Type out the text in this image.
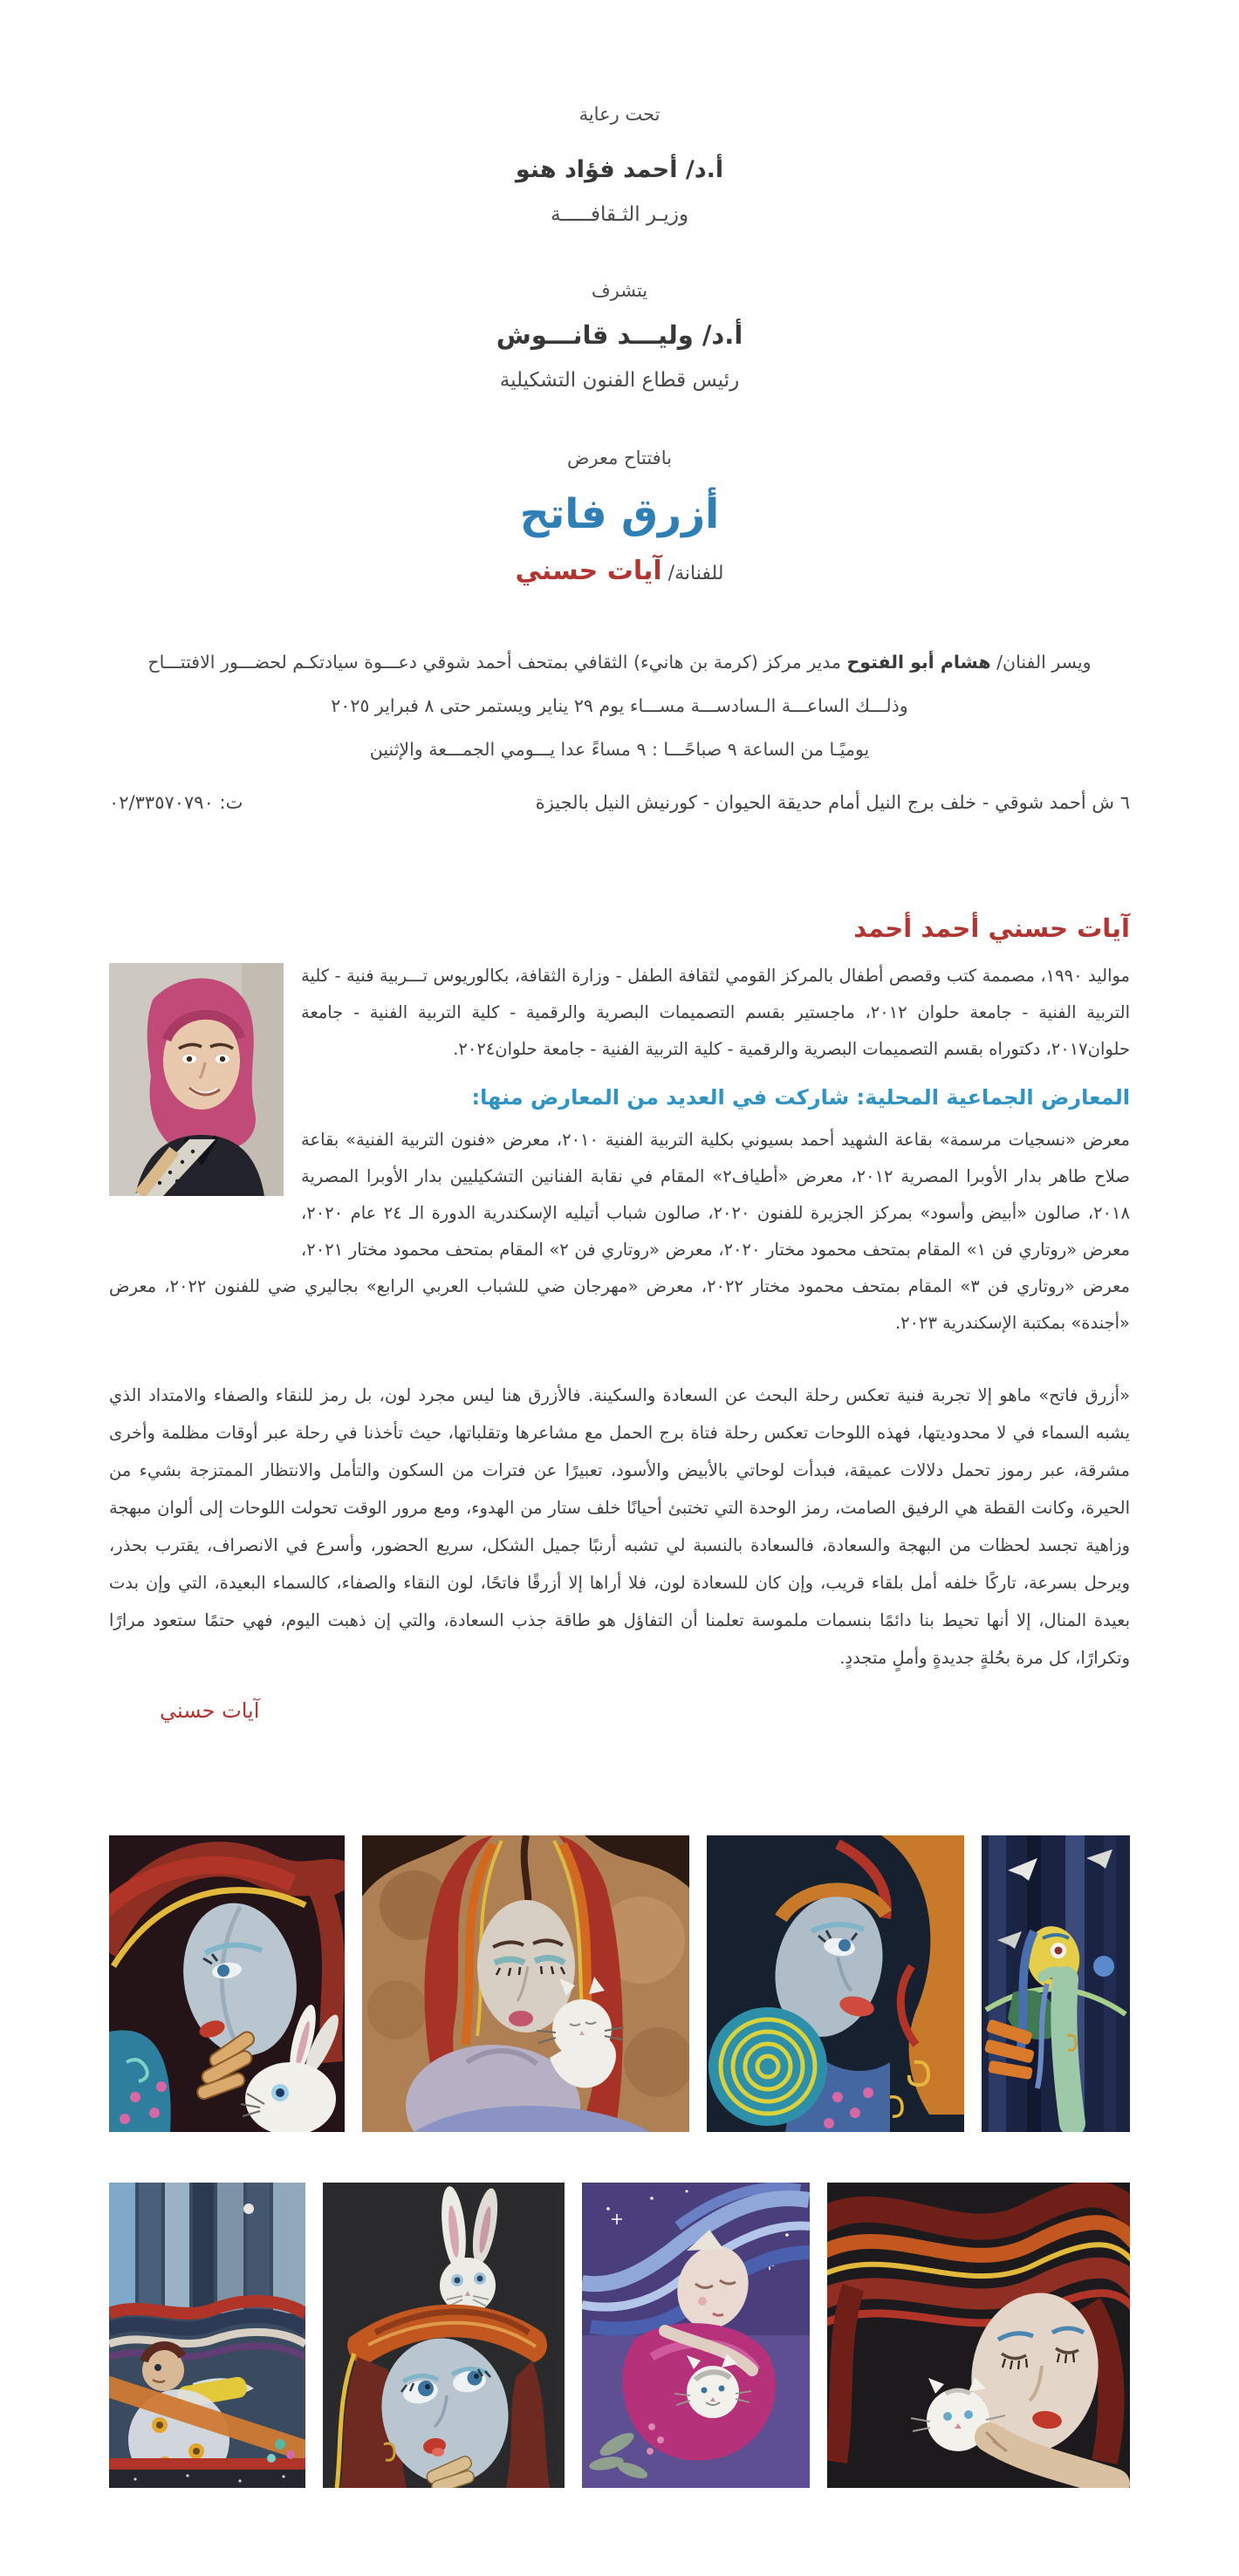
تحت رعاية
أ.د/ أحمد فؤاد هنو
وزيـر الثـقافـــــة
يتشرف
أ.د/ وليـــد قانـــوش
رئيس قطاع الفنون التشكيلية
بافتتاح معرض
أزرق فاتح
للفنانة/ آيات حسني
ويسر الفنان/ هشام أبو الفتوح مدير مركز (كرمة بن هانيء) الثقافي بمتحف أحمد شوقي دعـــوة سيادتكـم لحضـــور الافتتـــاح
وذلـــك الساعـــة الـسادســـة مســـاء يوم ٢٩ يناير ويستمر حتى ٨ فبراير ٢٠٢٥
يوميًـا من الساعة ٩ صباحًـــا : ٩ مساءً عدا يـــومي الجمـــعة والإثنين
٦ ش أحمد شوقي - خلف برج النيل أمام حديقة الحيوان - كورنيش النيل بالجيزة
ت: ٠٢/٣٣٥٧٠٧٩٠
آيات حسني أحمد أحمد

مواليد ١٩٩٠، مصممة كتب وقصص أطفال بالمركز القومي لثقافة الطفل - وزارة الثقافة، بكالوريوس تـــربية فنية - كلية التربية الفنية - جامعة حلوان ٢٠١٢، ماجستير بقسم التصميمات البصرية والرقمية - كلية التربية الفنية - جامعة حلوان٢٠١٧، دكتوراه بقسم التصميمات البصرية والرقمية - كلية التربية الفنية - جامعة حلوان٢٠٢٤.

المعارض الجماعية المحلية: شاركت في العديد من المعارض منها:

معرض «نسجيات مرسمة» بقاعة الشهيد أحمد بسيوني بكلية التربية الفنية ٢٠١٠، معرض «فنون التربية الفنية» بقاعة صلاح طاهر بدار الأوبرا المصرية ٢٠١٢، معرض «أطياف٢» المقام في نقابة الفنانين التشكيليين بدار الأوبرا المصرية ٢٠١٨، صالون «أبيض وأسود» بمركز الجزيرة للفنون ٢٠٢٠، صالون شباب أتيليه الإسكندرية الدورة الـ ٢٤ عام ٢٠٢٠، معرض «روتاري فن ١» المقام بمتحف محمود مختار ٢٠٢٠، معرض «روتاري فن ٢» المقام بمتحف محمود مختار ٢٠٢١، معرض «روتاري فن ٣» المقام بمتحف محمود مختار ٢٠٢٢، معرض «مهرجان ضي للشباب العربي الرابع» بجاليري ضي للفنون ٢٠٢٢، معرض «أجندة» بمكتبة الإسكندرية ٢٠٢٣.

«أزرق فاتح» ماهو إلا تجربة فنية تعكس رحلة البحث عن السعادة والسكينة. فالأزرق هنا ليس مجرد لون، بل رمز للنقاء والصفاء والامتداد الذي يشبه السماء في لا محدوديتها، فهذه اللوحات تعكس رحلة فتاة برج الحمل مع مشاعرها وتقلباتها، حيث تأخذنا في رحلة عبر أوقات مظلمة وأخرى مشرقة، عبر رموز تحمل دلالات عميقة، فبدأت لوحاتي بالأبيض والأسود، تعبيرًا عن فترات من السكون والتأمل والانتظار الممتزجة بشيء من الحيرة، وكانت القطة هي الرفيق الصامت، رمز الوحدة التي تختبئ أحيانًا خلف ستار من الهدوء، ومع مرور الوقت تحولت اللوحات إلى ألوان مبهجة وزاهية تجسد لحظات من البهجة والسعادة، فالسعادة بالنسبة لي تشبه أرنبًا جميل الشكل، سريع الحضور، وأسرع في الانصراف، يقترب بحذر، ويرحل بسرعة، تاركًا خلفه أمل بلقاء قريب، وإن كان للسعادة لون، فلا أراها إلا أزرقًا فاتحًا، لون النقاء والصفاء، كالسماء البعيدة، التي وإن بدت بعيدة المنال، إلا أنها تحيط بنا دائمًا بنسمات ملموسة تعلمنا أن التفاؤل هو طاقة جذب السعادة، والتي إن ذهبت اليوم، فهي حتمًا ستعود مرارًا وتكرارًا، كل مرة بحُلةٍ جديدةٍ وأملٍ متجددٍ.

آيات حسني
